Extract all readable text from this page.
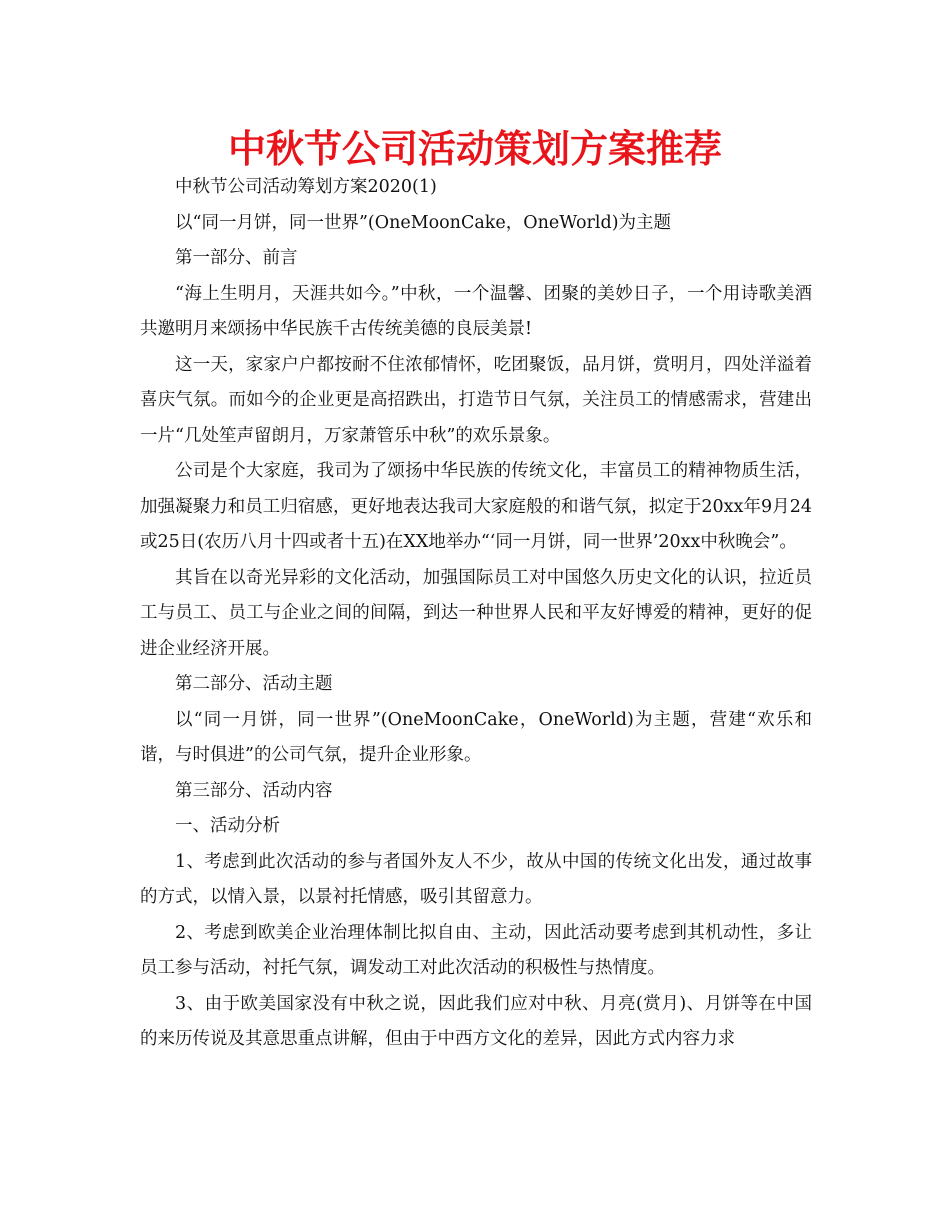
中秋节公司活动策划方案推荐

中秋节公司活动筹划方案2020(1)

以“同一月饼，同一世界”(OneMoonCake，OneWorld)为主题

第一部分、前言

“海上生明月，天涯共如今。”中秋，一个温馨、团聚的美妙日子，一个用诗歌美酒共邀明月来颂扬中华民族千古传统美德的良辰美景!

这一天，家家户户都按耐不住浓郁情怀，吃团聚饭，品月饼，赏明月，四处洋溢着喜庆气氛。而如今的企业更是高招跌出，打造节日气氛，关注员工的情感需求，营建出一片“几处笙声留朗月，万家萧管乐中秋”的欢乐景象。

公司是个大家庭，我司为了颂扬中华民族的传统文化，丰富员工的精神物质生活，加强凝聚力和员工归宿感，更好地表达我司大家庭般的和谐气氛，拟定于20xx年9月24或25日(农历八月十四或者十五)在XX地举办“‘同一月饼，同一世界’20xx中秋晚会”。

其旨在以奇光异彩的文化活动，加强国际员工对中国悠久历史文化的认识，拉近员工与员工、员工与企业之间的间隔，到达一种世界人民和平友好博爱的精神，更好的促进企业经济开展。

第二部分、活动主题

以“同一月饼，同一世界”(OneMoonCake，OneWorld)为主题，营建“欢乐和谐，与时俱进”的公司气氛，提升企业形象。

第三部分、活动内容

一、活动分析

1、考虑到此次活动的参与者国外友人不少，故从中国的传统文化出发，通过故事的方式，以情入景，以景衬托情感，吸引其留意力。

2、考虑到欧美企业治理体制比拟自由、主动，因此活动要考虑到其机动性，多让员工参与活动，衬托气氛，调发动工对此次活动的积极性与热情度。

3、由于欧美国家没有中秋之说，因此我们应对中秋、月亮(赏月)、月饼等在中国的来历传说及其意思重点讲解，但由于中西方文化的差异，因此方式内容力求
